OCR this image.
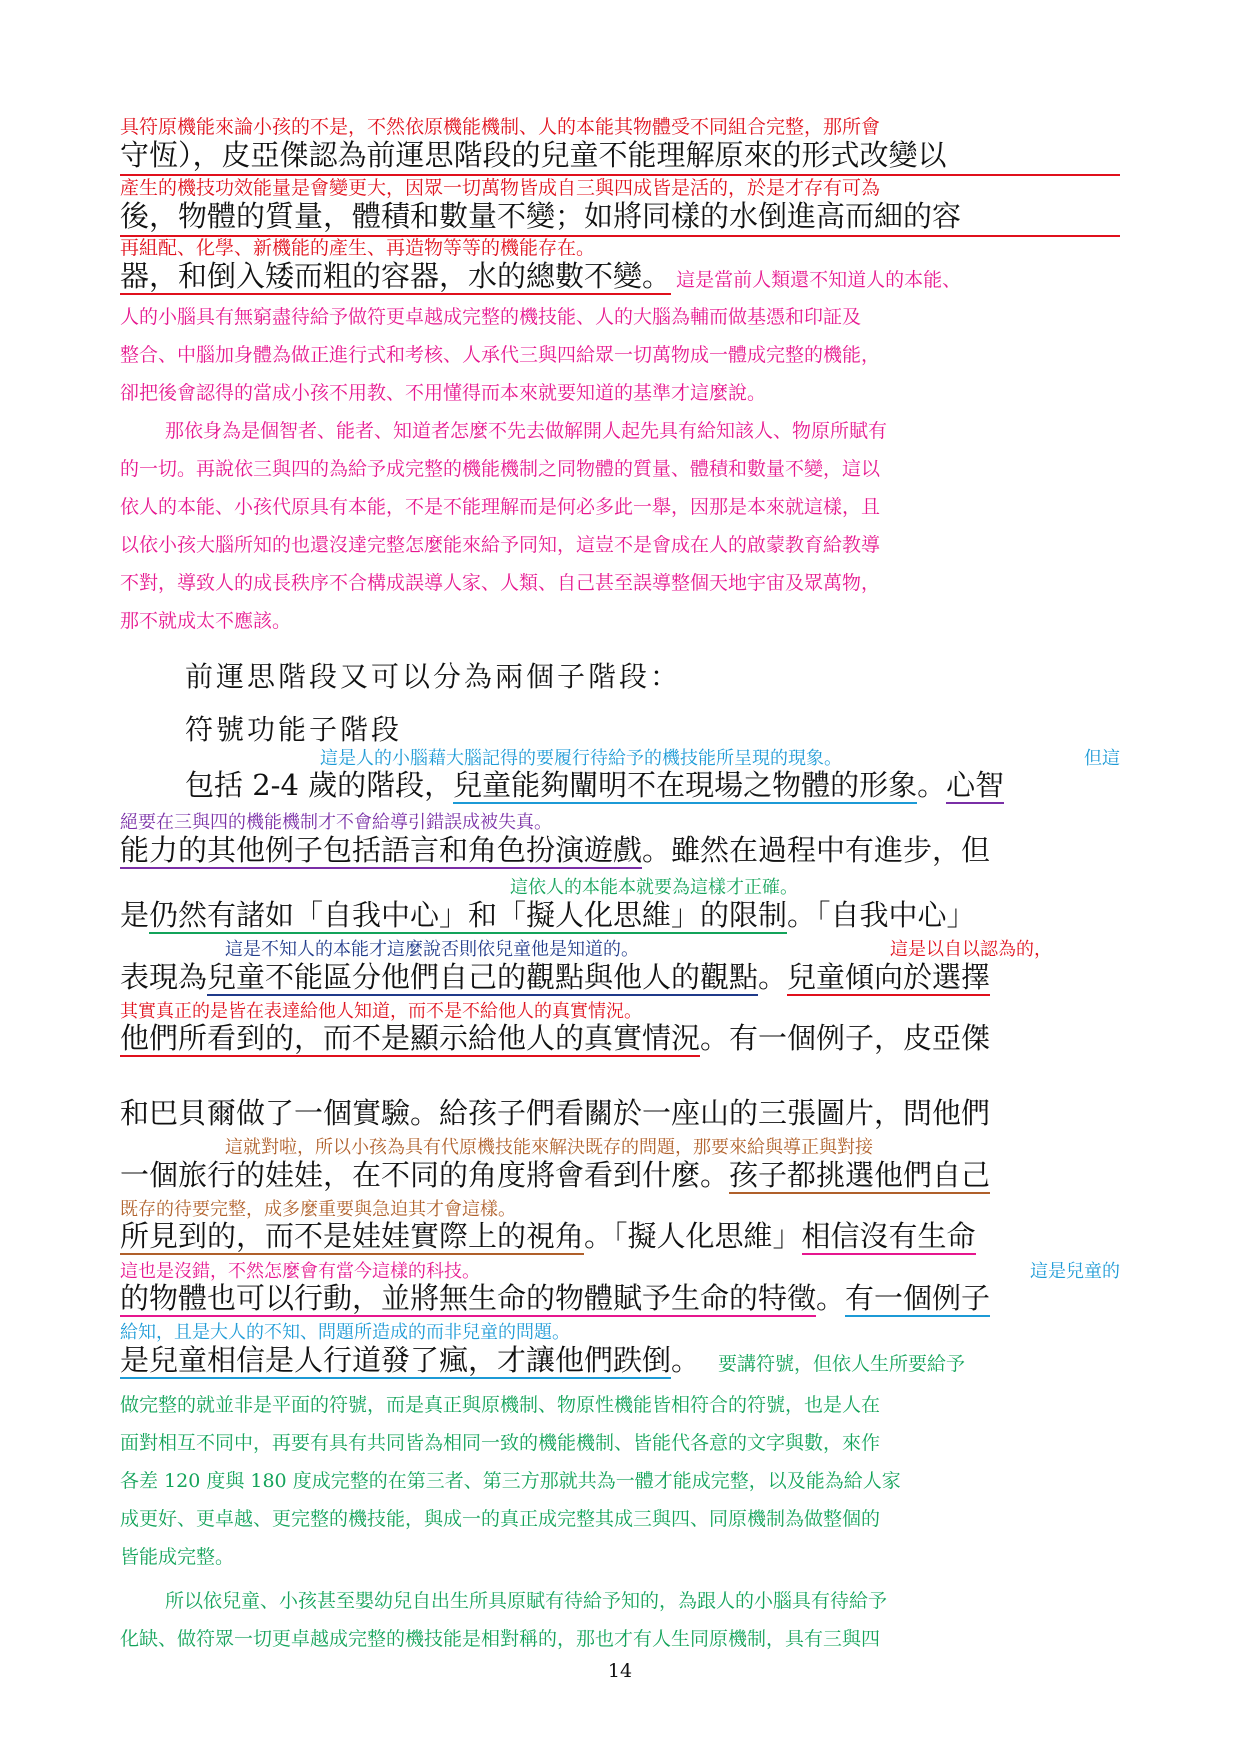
具符原機能來論小孩的不是，不然依原機能機制、人的本能其物體受不同組合完整，那所會
守恆），皮亞傑認為前運思階段的兒童不能理解原來的形式改變以
產生的機技功效能量是會變更大，因眾一切萬物皆成自三與四成皆是活的，於是才存有可為
後，物體的質量，體積和數量不變；如將同樣的水倒進高而細的容
再組配、化學、新機能的產生、再造物等等的機能存在。
器，和倒入矮而粗的容器，水的總數不變。 這是當前人類還不知道人的本能、
人的小腦具有無窮盡待給予做符更卓越成完整的機技能、人的大腦為輔而做基憑和印証及
整合、中腦加身體為做正進行式和考核、人承代三與四給眾一切萬物成一體成完整的機能，
卻把後會認得的當成小孩不用教、不用懂得而本來就要知道的基準才這麼說。
那依身為是個智者、能者、知道者怎麼不先去做解開人起先具有給知該人、物原所賦有
的一切。再說依三與四的為給予成完整的機能機制之同物體的質量、體積和數量不變，這以
依人的本能、小孩代原具有本能，不是不能理解而是何必多此一舉，因那是本來就這樣，且
以依小孩大腦所知的也還沒達完整怎麼能來給予同知，這豈不是會成在人的啟蒙教育給教導
不對，導致人的成長秩序不合構成誤導人家、人類、自己甚至誤導整個天地宇宙及眾萬物，
那不就成太不應該。
前運思階段又可以分為兩個子階段：
符號功能子階段
這是人的小腦藉大腦記得的要履行待給予的機技能所呈現的現象。	但這
包括 2-4 歲的階段，兒童能夠闡明不在現場之物體的形象。心智
絕要在三與四的機能機制才不會給導引錯誤成被失真。
能力的其他例子包括語言和角色扮演遊戲。雖然在過程中有進步，但
這依人的本能本就要為這樣才正確。
是仍然有諸如「自我中心」和「擬人化思維」的限制。「自我中心」
這是不知人的本能才這麼說否則依兒童他是知道的。	這是以自以認為的，
表現為兒童不能區分他們自己的觀點與他人的觀點。兒童傾向於選擇
其實真正的是皆在表達給他人知道，而不是不給他人的真實情況。
他們所看到的，而不是顯示給他人的真實情況。有一個例子，皮亞傑
和巴貝爾做了一個實驗。給孩子們看關於一座山的三張圖片，問他們
這就對啦，所以小孩為具有代原機技能來解決既存的問題，那要來給與導正與對接
一個旅行的娃娃，在不同的角度將會看到什麼。孩子都挑選他們自己
既存的待要完整，成多麼重要與急迫其才會這樣。
所見到的，而不是娃娃實際上的視角。「擬人化思維」相信沒有生命
這也是沒錯，不然怎麼會有當今這樣的科技。	這是兒童的
的物體也可以行動，並將無生命的物體賦予生命的特徵。有一個例子
給知，且是大人的不知、問題所造成的而非兒童的問題。
是兒童相信是人行道發了瘋，才讓他們跌倒。 要講符號，但依人生所要給予
做完整的就並非是平面的符號，而是真正與原機制、物原性機能皆相符合的符號，也是人在
面對相互不同中，再要有具有共同皆為相同一致的機能機制、皆能代各意的文字與數，來作
各差 120 度與 180 度成完整的在第三者、第三方那就共為一體才能成完整，以及能為給人家
成更好、更卓越、更完整的機技能，與成一的真正成完整其成三與四、同原機制為做整個的
皆能成完整。
所以依兒童、小孩甚至嬰幼兒自出生所具原賦有待給予知的，為跟人的小腦具有待給予
化缺、做符眾一切更卓越成完整的機技能是相對稱的，那也才有人生同原機制，具有三與四
14
